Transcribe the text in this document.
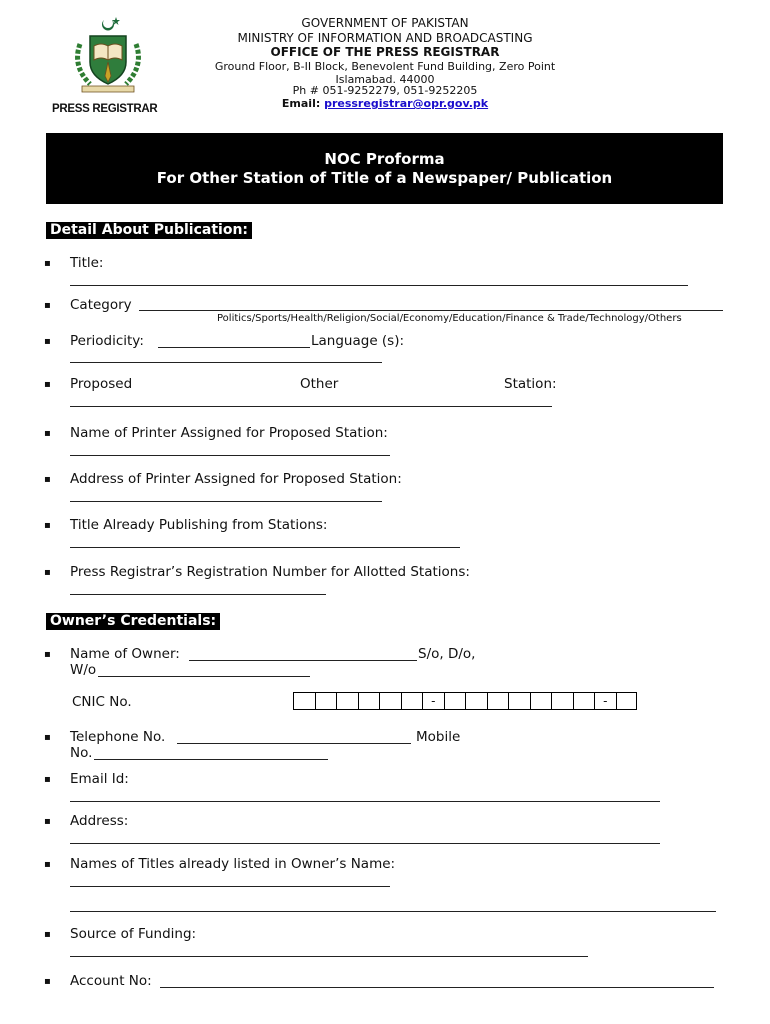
PRESS REGISTRAR
GOVERNMENT OF PAKISTAN
MINISTRY OF INFORMATION AND BROADCASTING
OFFICE OF THE PRESS REGISTRAR
Ground Floor, B-II Block, Benevolent Fund Building, Zero Point
Islamabad. 44000
Ph # 051-9252279, 051-9252205
Email: pressregistrar@opr.gov.pk
NOC Proforma
For Other Station of Title of a Newspaper/ Publication
Detail About Publication:
▪ Title:
▪ Category
Politics/Sports/Health/Religion/Social/Economy/Education/Finance & Trade/Technology/Others
▪ Periodicity:	Language (s):
▪ Proposed	Other	Station:
▪ Name of Printer Assigned for Proposed Station:
▪ Address of Printer Assigned for Proposed Station:
▪ Title Already Publishing from Stations:
▪ Press Registrar’s Registration Number for Allotted Stations:
Owner’s Credentials:
▪ Name of Owner:	S/o, D/o,
W/o
CNIC No.	-	-
▪ Telephone No.	Mobile
No.
▪ Email Id:
▪ Address:
▪ Names of Titles already listed in Owner’s Name:
▪ Source of Funding:
▪ Account No:
